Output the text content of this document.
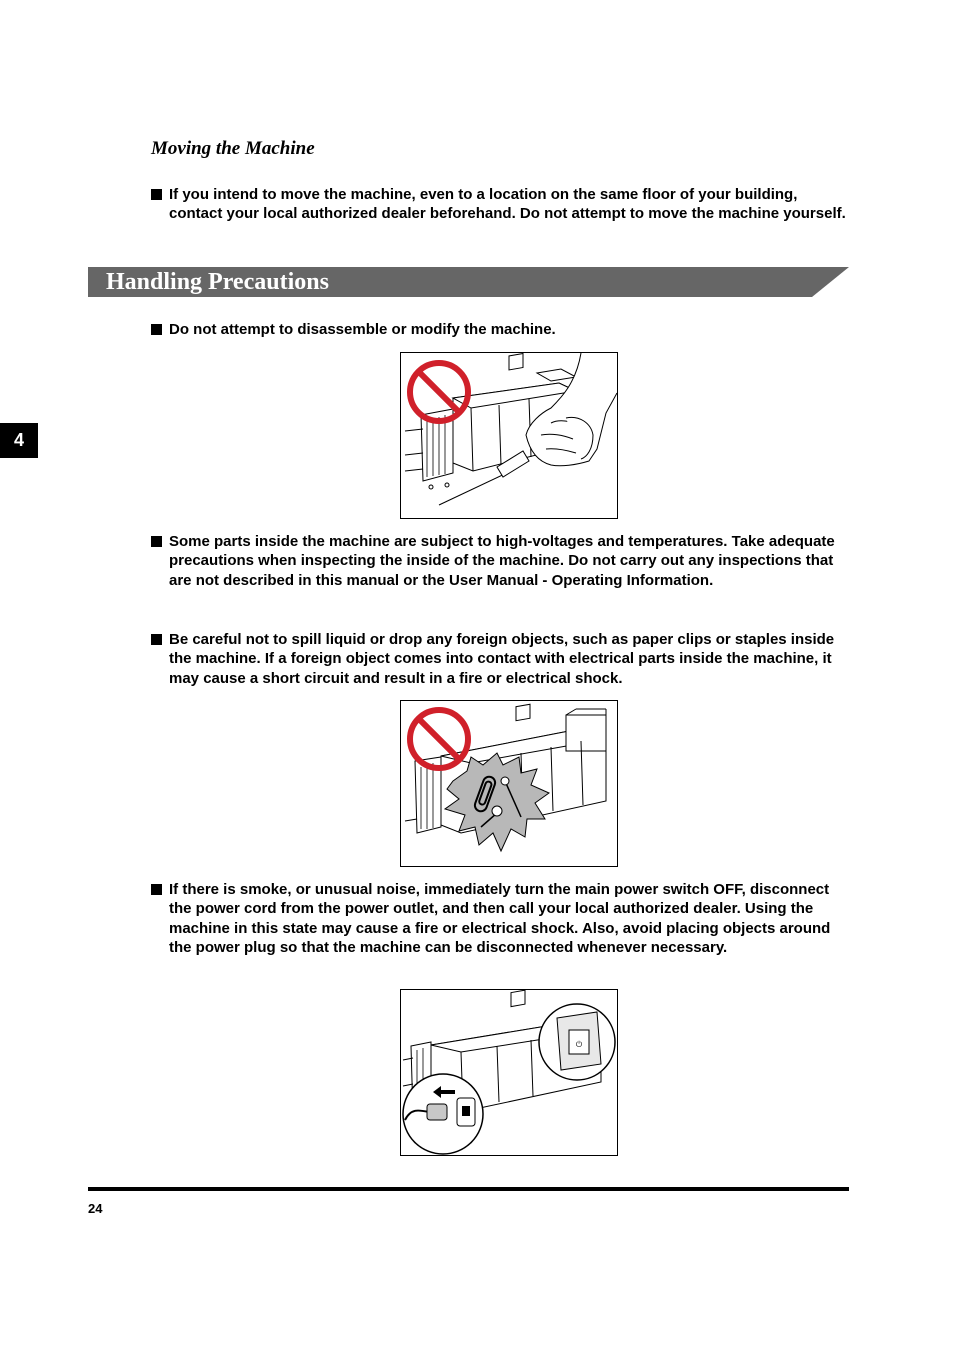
Moving the Machine
If you intend to move the machine, even to a location on the same floor of your building, contact your local authorized dealer beforehand. Do not attempt to move the machine yourself.
Handling Precautions
Do not attempt to disassemble or modify the machine.
Some parts inside the machine are subject to high-voltages and temperatures. Take adequate precautions when inspecting the inside of the machine. Do not carry out any inspections that are not described in this manual or the User Manual - Operating Information.
Be careful not to spill liquid or drop any foreign objects, such as paper clips or staples inside the machine. If a foreign object comes into contact with electrical parts inside the machine, it may cause a short circuit and result in a fire or electrical shock.
If there is smoke, or unusual noise, immediately turn the main power switch OFF, disconnect the power cord from the power outlet, and then call your local authorized dealer. Using the machine in this state may cause a fire or electrical shock. Also, avoid placing objects around the power plug so that the machine can be disconnected whenever necessary.
⏻
4
24
